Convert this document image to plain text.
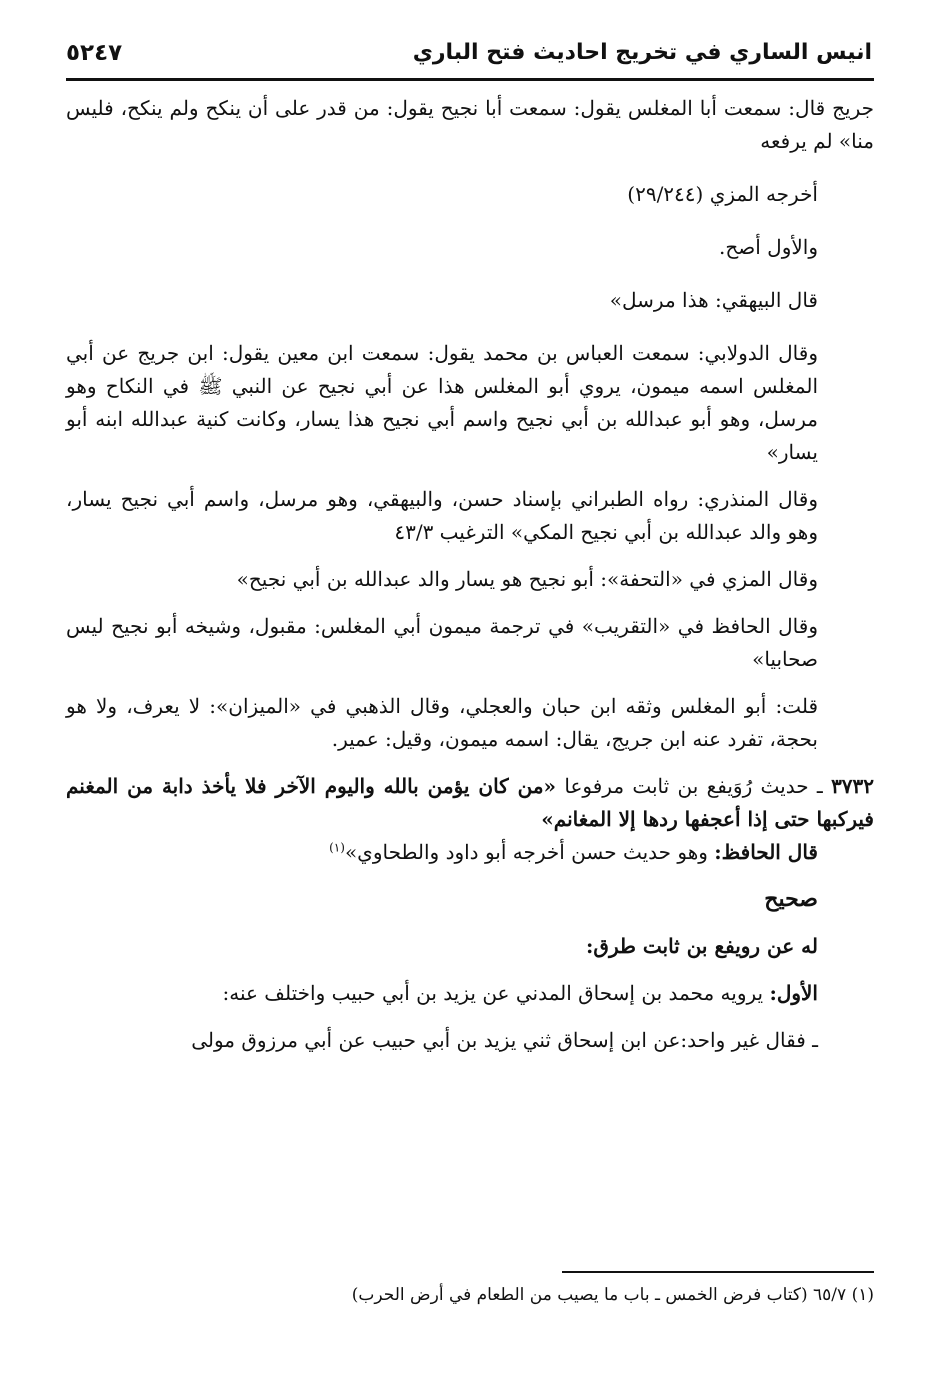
انيس الساري في تخريج احاديث فتح الباري
٥٢٤٧

جريج قال: سمعت أبا المغلس يقول: سمعت أبا نجيح يقول: من قدر على أن ينكح ولم ينكح، فليس منا» لم يرفعه

أخرجه المزي (٢٩/٢٤٤)

والأول أصح.

قال البيهقي: هذا مرسل»

وقال الدولابي: سمعت العباس بن محمد يقول: سمعت ابن معين يقول: ابن جريج عن أبي المغلس اسمه ميمون، يروي أبو المغلس هذا عن أبي نجيح عن النبي ﷺ في النكاح وهو مرسل، وهو أبو عبدالله بن أبي نجيح واسم أبي نجيح هذا يسار، وكانت كنية عبدالله ابنه أبو يسار»

وقال المنذري: رواه الطبراني بإسناد حسن، والبيهقي، وهو مرسل، واسم أبي نجيح يسار، وهو والد عبدالله بن أبي نجيح المكي» الترغيب ٤٣/٣

وقال المزي في «التحفة»: أبو نجيح هو يسار والد عبدالله بن أبي نجيح»

وقال الحافظ في «التقريب» في ترجمة ميمون أبي المغلس: مقبول، وشيخه أبو نجيح ليس صحابيا»

قلت: أبو المغلس وثقه ابن حبان والعجلي، وقال الذهبي في «الميزان»: لا يعرف، ولا هو بحجة، تفرد عنه ابن جريج، يقال: اسمه ميمون، وقيل: عمير.

٣٧٣٢ ـ حديث رُوَيفع بن ثابت مرفوعا «من كان يؤمن بالله واليوم الآخر فلا يأخذ دابة من المغنم فيركبها حتى إذا أعجفها ردها إلا المغانم»

قال الحافظ: وهو حديث حسن أخرجه أبو داود والطحاوي»$^{(١)}$

صحيح

له عن رويفع بن ثابت طرق:

الأول: يرويه محمد بن إسحاق المدني عن يزيد بن أبي حبيب واختلف عنه:

ـ فقال غير واحد:عن ابن إسحاق ثني يزيد بن أبي حبيب عن أبي مرزوق مولى

(١) ٦٥/٧ (كتاب فرض الخمس ـ باب ما يصيب من الطعام في أرض الحرب)
